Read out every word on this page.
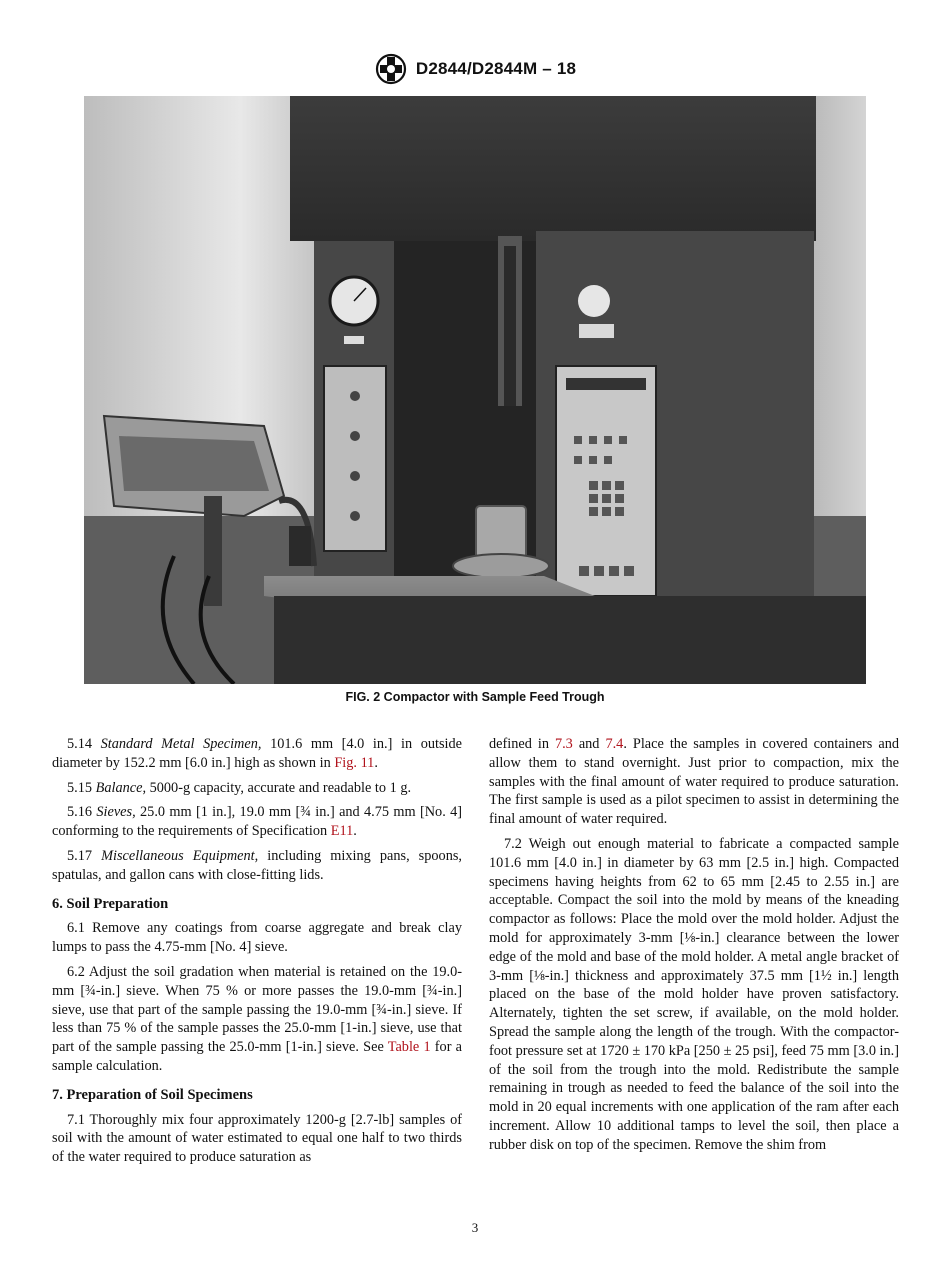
D2844/D2844M – 18
FIG. 2 Compactor with Sample Feed Trough

5.14 Standard Metal Specimen, 101.6 mm [4.0 in.] in outside diameter by 152.2 mm [6.0 in.] high as shown in Fig. 11.

5.15 Balance, 5000-g capacity, accurate and readable to 1 g.

5.16 Sieves, 25.0 mm [1 in.], 19.0 mm [¾ in.] and 4.75 mm [No. 4] conforming to the requirements of Specification E11.

5.17 Miscellaneous Equipment, including mixing pans, spoons, spatulas, and gallon cans with close-fitting lids.

6. Soil Preparation

6.1 Remove any coatings from coarse aggregate and break clay lumps to pass the 4.75-mm [No. 4] sieve.

6.2 Adjust the soil gradation when material is retained on the 19.0-mm [¾-in.] sieve. When 75 % or more passes the 19.0-mm [¾-in.] sieve, use that part of the sample passing the 19.0-mm [¾-in.] sieve. If less than 75 % of the sample passes the 25.0-mm [1-in.] sieve, use that part of the sample passing the 25.0-mm [1-in.] sieve. See Table 1 for a sample calculation.

7. Preparation of Soil Specimens

7.1 Thoroughly mix four approximately 1200-g [2.7-lb] samples of soil with the amount of water estimated to equal one half to two thirds of the water required to produce saturation as

defined in 7.3 and 7.4. Place the samples in covered containers and allow them to stand overnight. Just prior to compaction, mix the samples with the final amount of water required to produce saturation. The first sample is used as a pilot specimen to assist in determining the final amount of water required.

7.2 Weigh out enough material to fabricate a compacted sample 101.6 mm [4.0 in.] in diameter by 63 mm [2.5 in.] high. Compacted specimens having heights from 62 to 65 mm [2.45 to 2.55 in.] are acceptable. Compact the soil into the mold by means of the kneading compactor as follows: Place the mold over the mold holder. Adjust the mold for approximately 3-mm [⅛-in.] clearance between the lower edge of the mold and base of the mold holder. A metal angle bracket of 3-mm [⅛-in.] thickness and approximately 37.5 mm [1½ in.] length placed on the base of the mold holder have proven satisfactory. Alternately, tighten the set screw, if available, on the mold holder. Spread the sample along the length of the trough. With the compactor-foot pressure set at 1720 ± 170 kPa [250 ± 25 psi], feed 75 mm [3.0 in.] of the soil from the trough into the mold. Redistribute the sample remaining in trough as needed to feed the balance of the soil into the mold in 20 equal increments with one application of the ram after each increment. Allow 10 additional tamps to level the soil, then place a rubber disk on top of the specimen. Remove the shim from

3
